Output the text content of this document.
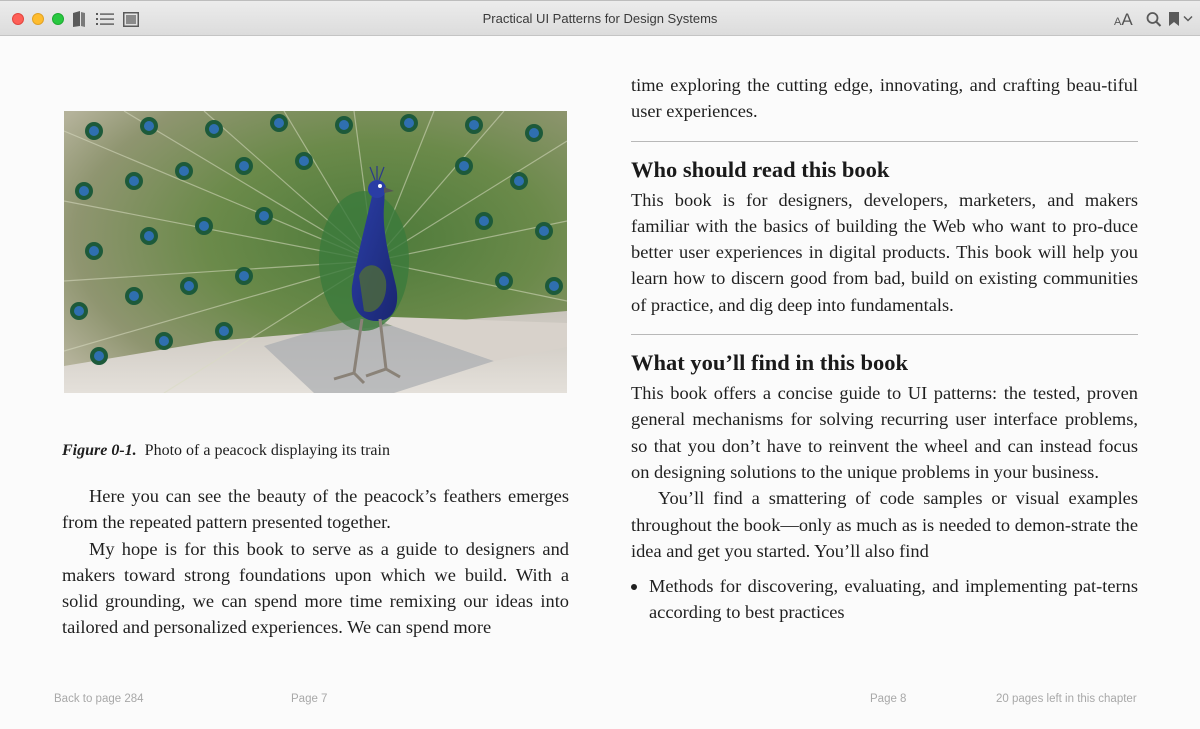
Practical UI Patterns for Design Systems	AA
Figure 0-1. Photo of a peacock displaying its train

Here you can see the beauty of the peacock’s feathers emerges from the repeated pattern presented together.

My hope is for this book to serve as a guide to designers and makers toward strong foundations upon which we build. With a solid grounding, we can spend more time remixing our ideas into tailored and personalized experiences. We can spend more

Back to page 284	Page 7

time exploring the cutting edge, innovating, and crafting beau-tiful user experiences.

Who should read this book

This book is for designers, developers, marketers, and makers familiar with the basics of building the Web who want to pro-duce better user experiences in digital products. This book will help you learn how to discern good from bad, build on existing communities of practice, and dig deep into fundamentals.

What you’ll find in this book

This book offers a concise guide to UI patterns: the tested, proven general mechanisms for solving recurring user interface problems, so that you don’t have to reinvent the wheel and can instead focus on designing solutions to the unique problems in your business.

You’ll find a smattering of code samples or visual examples throughout the book—only as much as is needed to demon-strate the idea and get you started. You’ll also find

Methods for discovering, evaluating, and implementing pat-terns according to best practices
Page 8	20 pages left in this chapter
